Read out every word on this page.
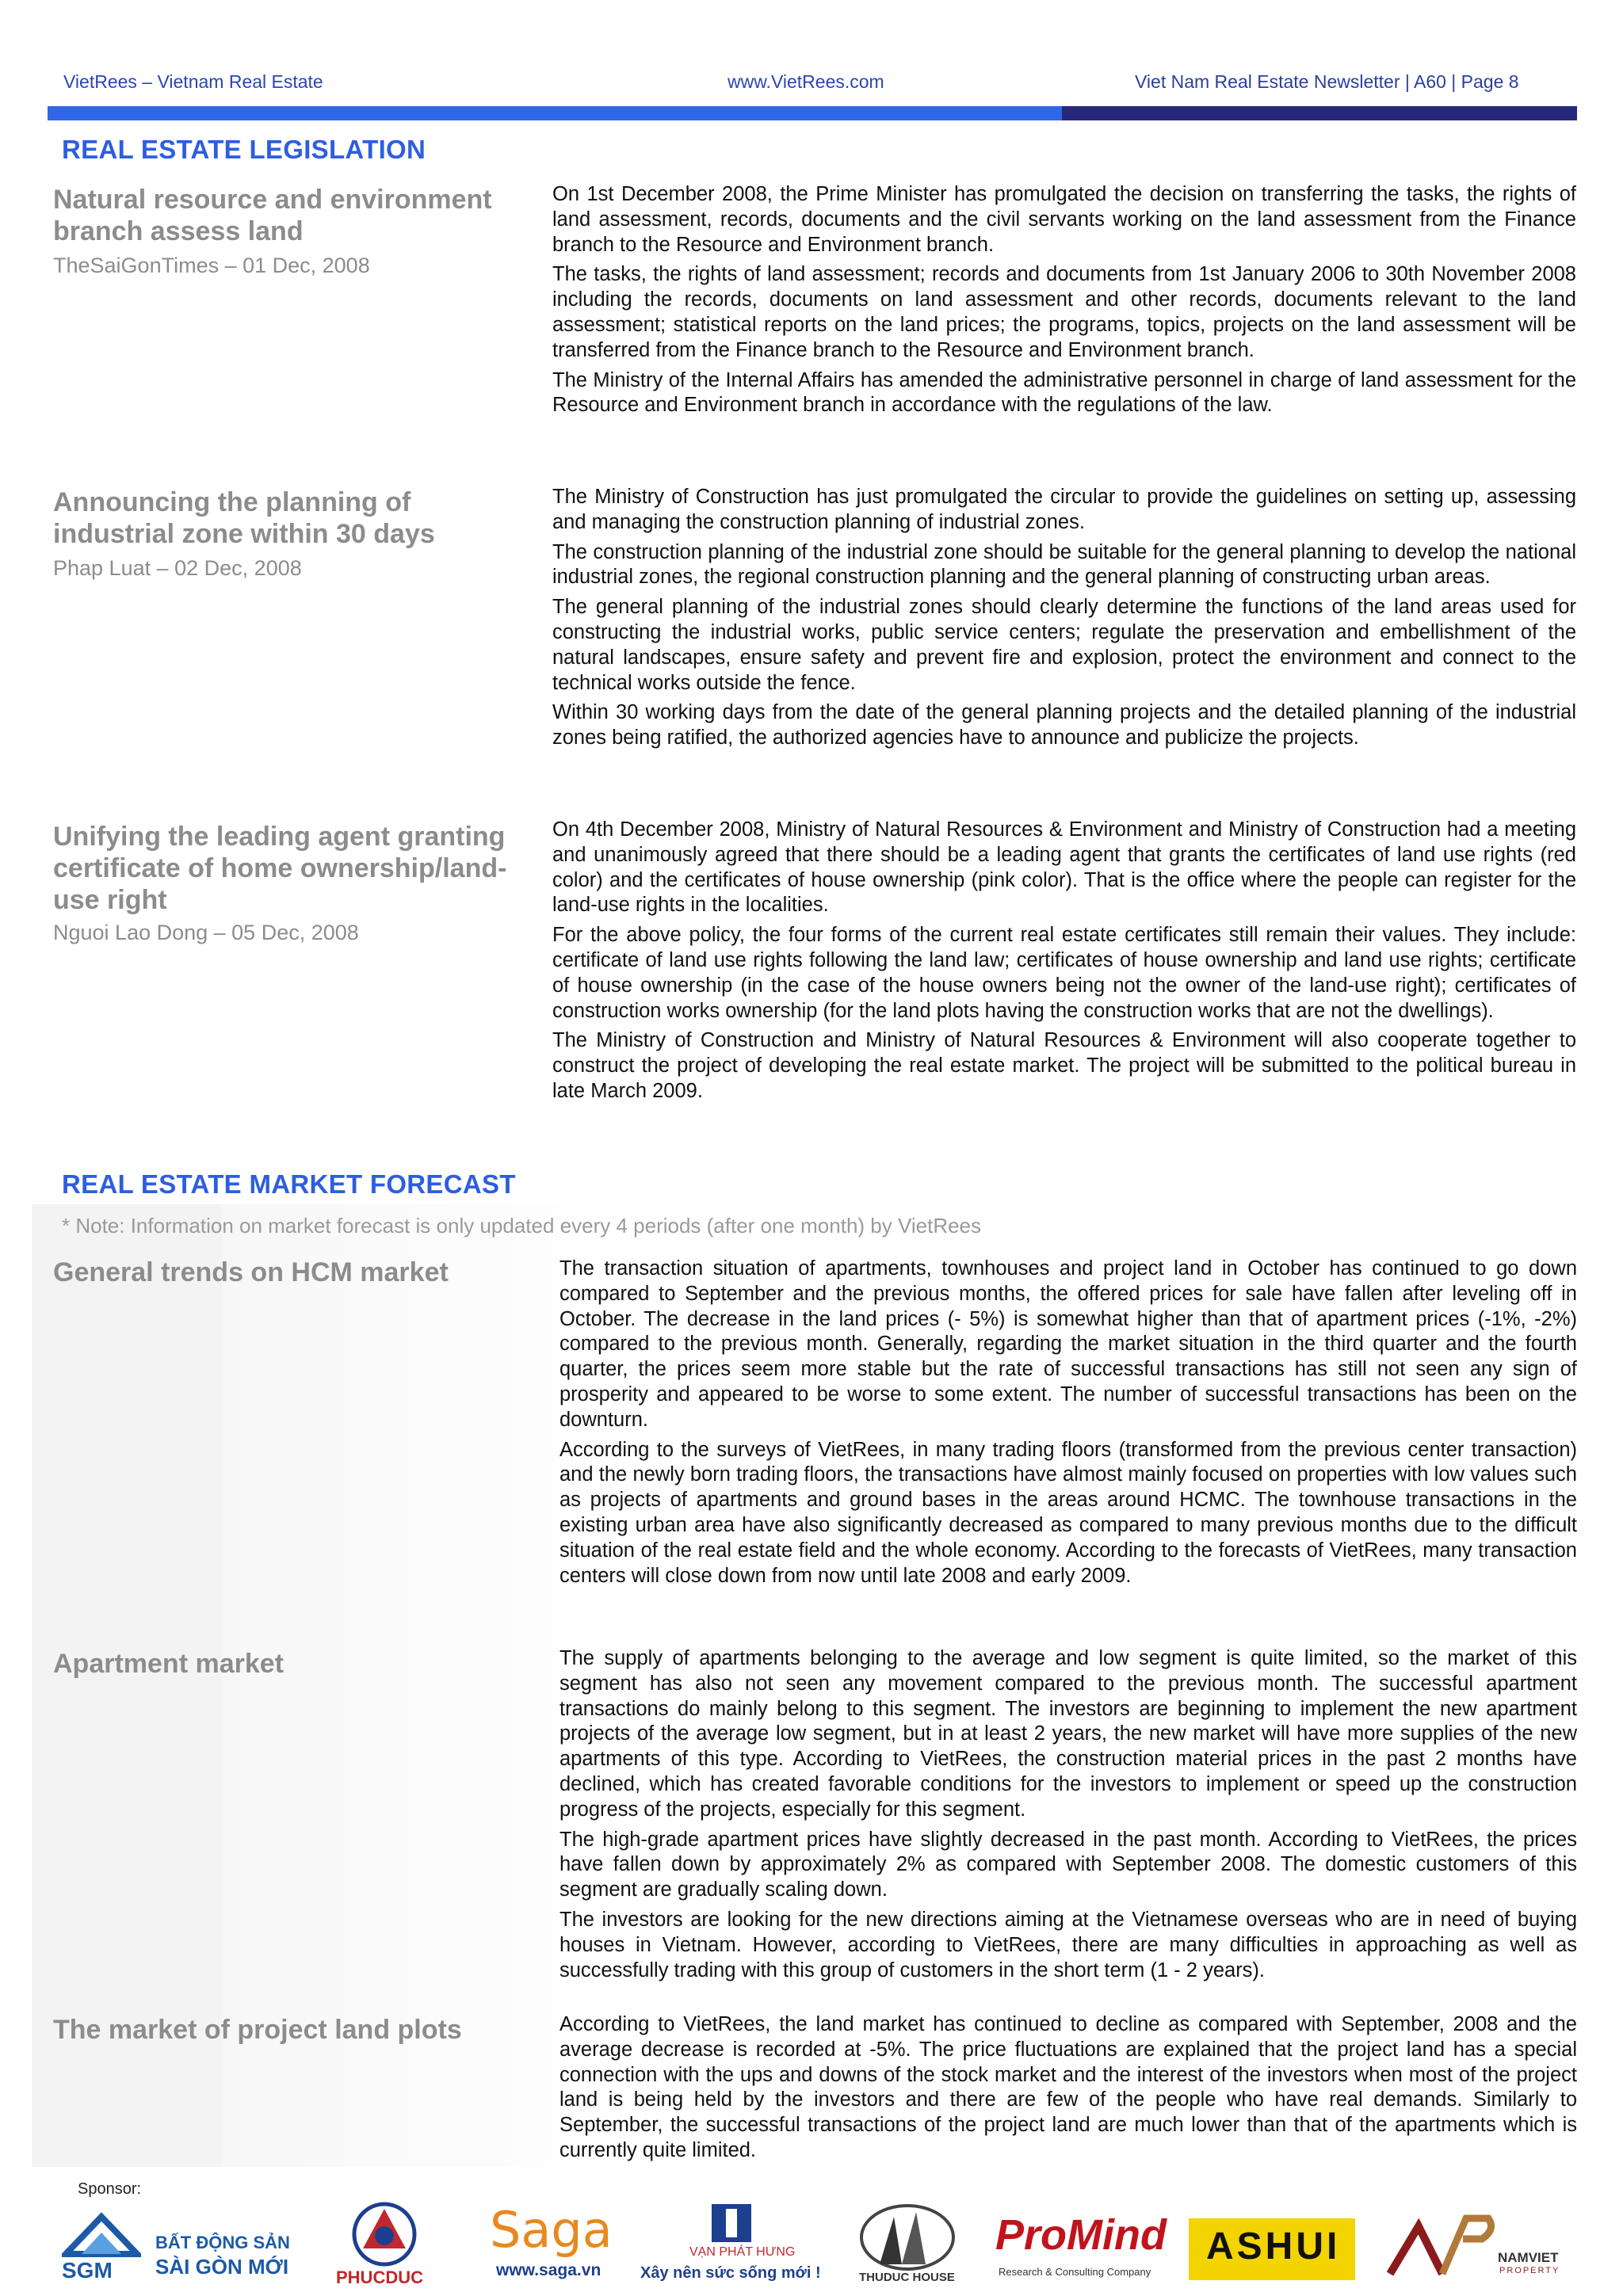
VietRees – Vietnam Real Estate	www.VietRees.com	Viet Nam Real Estate Newsletter | A60 | Page 8
REAL ESTATE LEGISLATION
Natural resource and environment branch assess land
TheSaiGonTimes – 01 Dec, 2008

On 1st December 2008, the Prime Minister has promulgated the decision on transferring the tasks, the rights of land assessment, records, documents and the civil servants working on the land assessment from the Finance branch to the Resource and Environment branch.

The tasks, the rights of land assessment; records and documents from 1st January 2006 to 30th November 2008 including the records, documents on land assessment and other records, documents relevant to the land assessment; statistical reports on the land prices; the programs, topics, projects on the land assessment will be transferred from the Finance branch to the Resource and Environment branch.

The Ministry of the Internal Affairs has amended the administrative personnel in charge of land assessment for the Resource and Environment branch in accordance with the regulations of the law.

Announcing the planning of industrial zone within 30 days
Phap Luat – 02 Dec, 2008

The Ministry of Construction has just promulgated the circular to provide the guidelines on setting up, assessing and managing the construction planning of industrial zones.

The construction planning of the industrial zone should be suitable for the general planning to develop the national industrial zones, the regional construction planning and the general planning of constructing urban areas.

The general planning of the industrial zones should clearly determine the functions of the land areas used for constructing the industrial works, public service centers; regulate the preservation and embellishment of the natural landscapes, ensure safety and prevent fire and explosion, protect the environment and connect to the technical works outside the fence.

Within 30 working days from the date of the general planning projects and the detailed planning of the industrial zones being ratified, the authorized agencies have to announce and publicize the projects.

Unifying the leading agent granting certificate of home ownership/land-use right
Nguoi Lao Dong – 05 Dec, 2008

On 4th December 2008, Ministry of Natural Resources & Environment and Ministry of Construction had a meeting and unanimously agreed that there should be a leading agent that grants the certificates of land use rights (red color) and the certificates of house ownership (pink color). That is the office where the people can register for the land-use rights in the localities.

For the above policy, the four forms of the current real estate certificates still remain their values. They include: certificate of land use rights following the land law; certificates of house ownership and land use rights; certificate of house ownership (in the case of the house owners being not the owner of the land-use right); certificates of construction works ownership (for the land plots having the construction works that are not the dwellings).

The Ministry of Construction and Ministry of Natural Resources & Environment will also cooperate together to construct the project of developing the real estate market. The project will be submitted to the political bureau in late March 2009.

REAL ESTATE MARKET FORECAST
* Note: Information on market forecast is only updated every 4 periods (after one month) by VietRees
General trends on HCM market	The transaction situation of apartments, townhouses and project land in October has continued to go down compared to September and the previous months, the offered prices for sale have fallen after leveling off in October. The decrease in the land prices (- 5%) is somewhat higher than that of apartment prices (-1%, -2%) compared to the previous month. Generally, regarding the market situation in the third quarter and the fourth quarter, the prices seem more stable but the rate of successful transactions has still not seen any sign of prosperity and appeared to be worse to some extent. The number of successful transactions has been on the downturn.

According to the surveys of VietRees, in many trading floors (transformed from the previous center transaction) and the newly born trading floors, the transactions have almost mainly focused on properties with low values such as projects of apartments and ground bases in the areas around HCMC. The townhouse transactions in the existing urban area have also significantly decreased as compared to many previous months due to the difficult situation of the real estate field and the whole economy. According to the forecasts of VietRees, many transaction centers will close down from now until late 2008 and early 2009.

Apartment market	The supply of apartments belonging to the average and low segment is quite limited, so the market of this segment has also not seen any movement compared to the previous month. The successful apartment transactions do mainly belong to this segment. The investors are beginning to implement the new apartment projects of the average low segment, but in at least 2 years, the new market will have more supplies of the new apartments of this type. According to VietRees, the construction material prices in the past 2 months have declined, which has created favorable conditions for the investors to implement or speed up the construction progress of the projects, especially for this segment.

The high-grade apartment prices have slightly decreased in the past month. According to VietRees, the prices have fallen down by approximately 2% as compared with September 2008. The domestic customers of this segment are gradually scaling down.

The investors are looking for the new directions aiming at the Vietnamese overseas who are in need of buying houses in Vietnam. However, according to VietRees, there are many difficulties in approaching as well as successfully trading with this group of customers in the short term (1 - 2 years).

The market of project land plots	According to VietRees, the land market has continued to decline as compared with September, 2008 and the average decrease is recorded at -5%. The price fluctuations are explained that the project land has a special connection with the ups and downs of the stock market and the interest of the investors when most of the project land is being held by the investors and there are few of the people who have real demands. Similarly to September, the successful transactions of the project land are much lower than that of the apartments which is currently quite limited.

Sponsor:
SGM
BẤT ĐỘNG SẢN
SÀI GÒN MỚI	PHUCDUC
Saga
www.saga.vn
VẠN PHÁT HƯNG
Xây nên sức sống mới !	THUDUC HOUSE
ProMind
Research & Consulting Company
ASHUI	NAMVIET
PROPERTY
